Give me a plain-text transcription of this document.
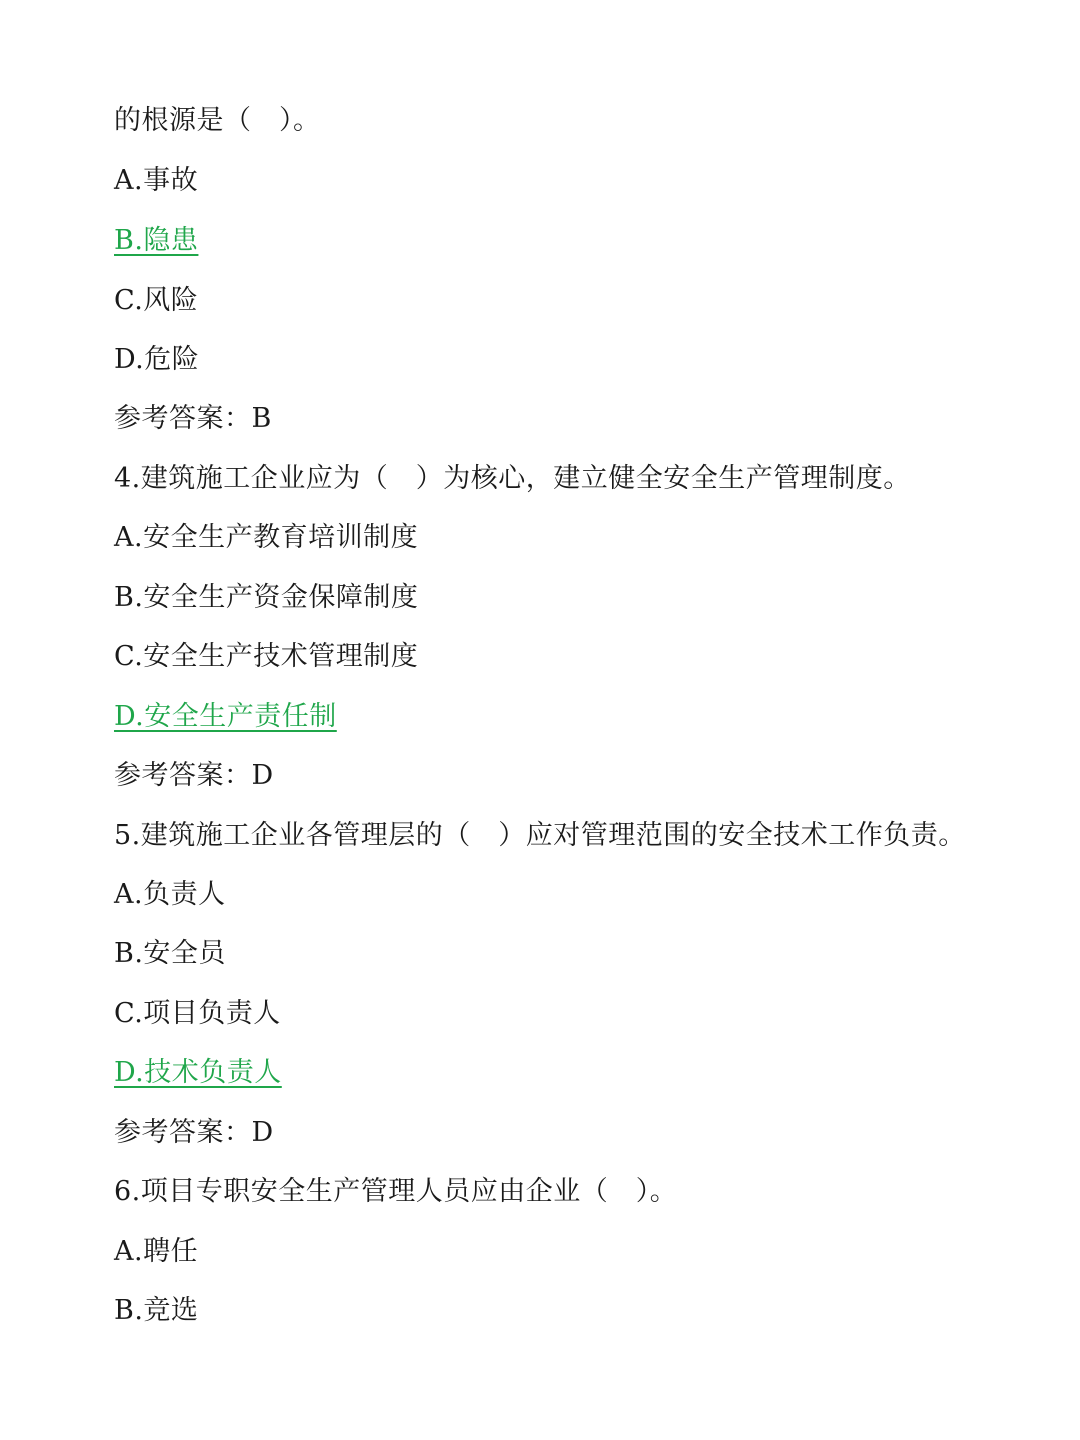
的根源是（　）。
A.事故
B.隐患
C.风险
D.危险
参考答案：B
4.建筑施工企业应为（　）为核心，建立健全安全生产管理制度。
A.安全生产教育培训制度
B.安全生产资金保障制度
C.安全生产技术管理制度
D.安全生产责任制
参考答案：D
5.建筑施工企业各管理层的（　）应对管理范围的安全技术工作负责。
A.负责人
B.安全员
C.项目负责人
D.技术负责人
参考答案：D
6.项目专职安全生产管理人员应由企业（　）。
A.聘任
B.竞选
